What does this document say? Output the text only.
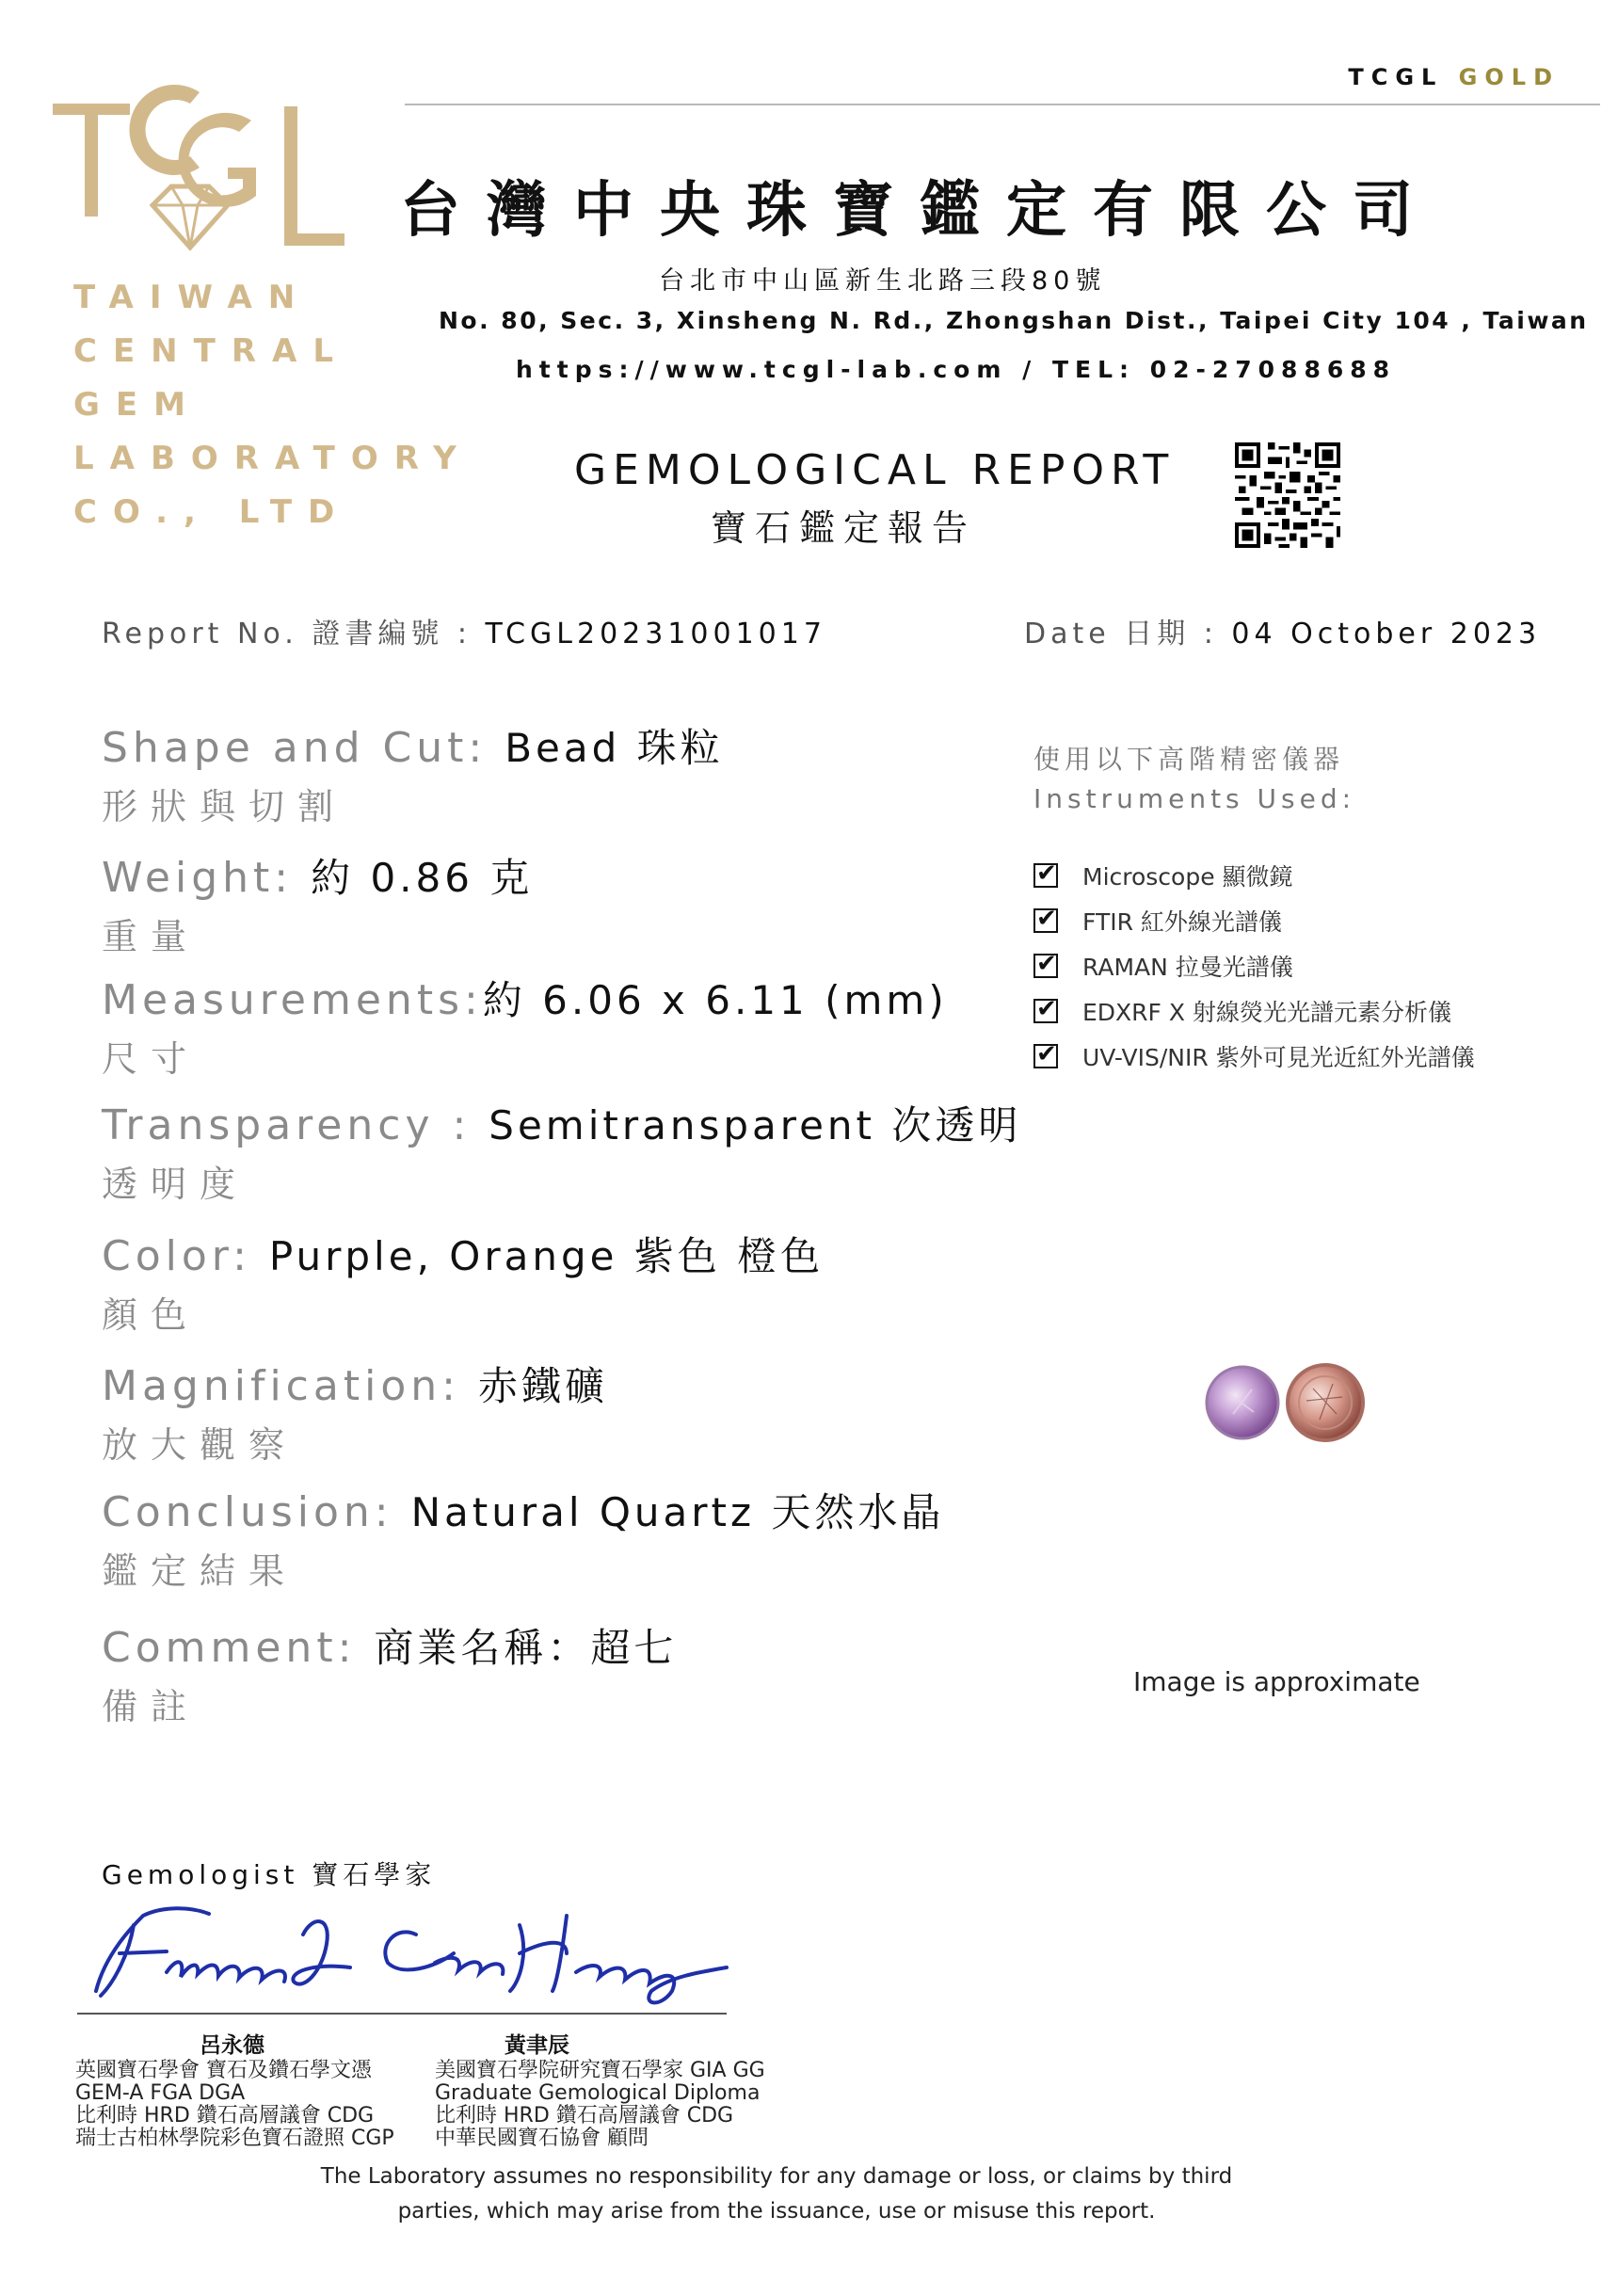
TAIWAN
CENTRAL
GEM
LABORATORY
CO., LTD
TCGL GOLD
台灣中央珠寶鑑定有限公司
台北市中山區新生北路三段80號
No. 80, Sec. 3, Xinsheng N. Rd., Zhongshan Dist., Taipei City 104 , Taiwan
https://www.tcgl-lab.com / TEL: 02-27088688
GEMOLOGICAL REPORT
寶石鑑定報告
Report No. 證書編號 : TCGL20231001017	Date 日期 : 04 October 2023
Shape and Cut: Bead 珠粒
形狀與切割
Weight: 約 0.86 克
重量
Measurements:約 6.06 x 6.11 (mm)
尺寸
Transparency : Semitransparent 次透明
透明度
Color: Purple, Orange 紫色 橙色
顏色
Magnification: 赤鐵礦
放大觀察
Conclusion: Natural Quartz 天然水晶
鑑定結果
Comment: 商業名稱：超七
備註
使用以下高階精密儀器
Instruments Used:
✔
Microscope 顯微鏡
✔
FTIR 紅外線光譜儀
✔
RAMAN 拉曼光譜儀
✔
EDXRF X 射線熒光光譜元素分析儀
✔
UV-VIS/NIR 紫外可見光近紅外光譜儀
Image is approximate
Gemologist 寶石學家
呂永德	黃聿辰
英國寶石學會 寶石及鑽石學文憑
GEM-A FGA DGA
比利時 HRD 鑽石高層議會 CDG
瑞士古柏林學院彩色寶石證照 CGP
美國寶石學院研究寶石學家 GIA GG
Graduate Gemological Diploma
比利時 HRD 鑽石高層議會 CDG
中華民國寶石協會 顧問
The Laboratory assumes no responsibility for any damage or loss, or claims by third
parties, which may arise from the issuance, use or misuse this report.
